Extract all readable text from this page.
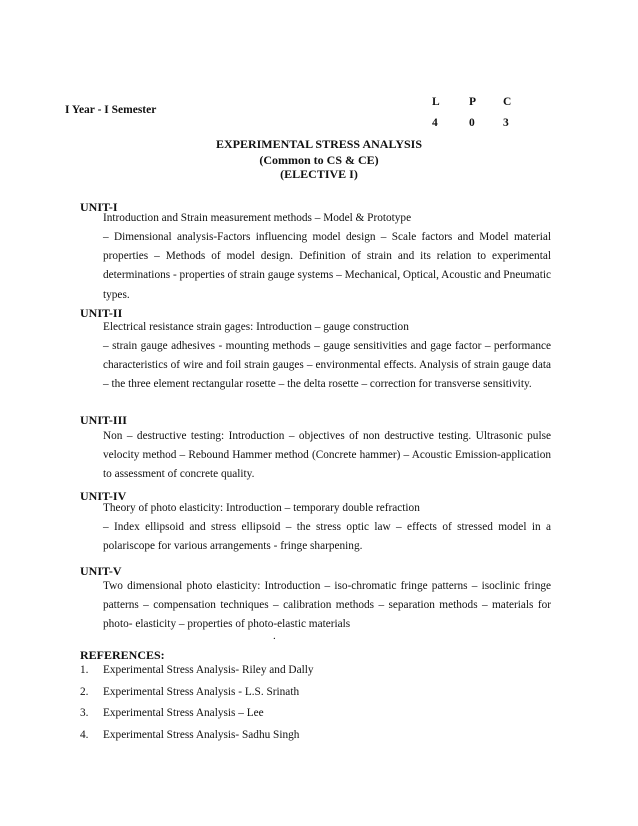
I Year - I Semester
L	P	C
4	0	3
EXPERIMENTAL STRESS ANALYSIS
(Common to CS & CE)
(ELECTIVE I)
UNIT-I
Introduction and Strain measurement methods – Model & Prototype
– Dimensional analysis-Factors influencing model design – Scale factors and Model material properties – Methods of model design. Definition of strain and its relation to experimental determinations - properties of strain gauge systems – Mechanical, Optical, Acoustic and Pneumatic types.
UNIT-II
Electrical resistance strain gages: Introduction – gauge construction
– strain gauge adhesives - mounting methods – gauge sensitivities and gage factor – performance characteristics of wire and foil strain gauges – environmental effects. Analysis of strain gauge data – the three element rectangular rosette – the delta rosette – correction for transverse sensitivity.
UNIT-III
Non – destructive testing: Introduction – objectives of non destructive testing. Ultrasonic pulse velocity method – Rebound Hammer method (Concrete hammer) – Acoustic Emission-application to assessment of concrete quality.
UNIT-IV
Theory of photo elasticity: Introduction – temporary double refraction
– Index ellipsoid and stress ellipsoid – the stress optic law – effects of stressed model in a polariscope for various arrangements - fringe sharpening.
UNIT-V
Two dimensional photo elasticity: Introduction – iso-chromatic fringe patterns – isoclinic fringe patterns – compensation techniques – calibration methods – separation methods – materials for photo- elasticity – properties of photo-elastic materials
.
REFERENCES:
1. Experimental Stress Analysis- Riley and Dally
2. Experimental Stress Analysis - L.S. Srinath
3. Experimental Stress Analysis – Lee
4. Experimental Stress Analysis- Sadhu Singh
